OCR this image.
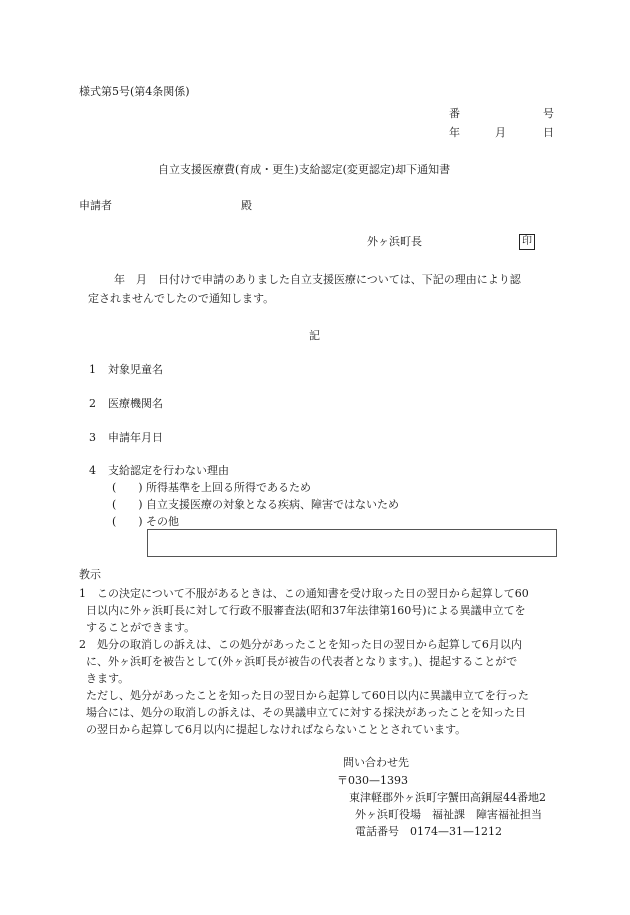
様式第5号(第4条関係)
番	号
年	月	日
自立支援医療費(育成・更生)支給認定(変更認定)却下通知書
申請者	殿
外ヶ浜町長	印
年　月　日付けで申請のありました自立支援医療については、下記の理由により認
定されませんでしたので通知します。
記
1 対象児童名
2 医療機関名
3 申請年月日
4 支給認定を行わない理由
(　　) 所得基準を上回る所得であるため
(　　) 自立支援医療の対象となる疾病、障害ではないため
(　　) その他
教示
1 この決定について不服があるときは、この通知書を受け取った日の翌日から起算して60
日以内に外ヶ浜町長に対して行政不服審査法(昭和37年法律第160号)による異議申立てを
することができます。
2 処分の取消しの訴えは、この処分があったことを知った日の翌日から起算して6月以内
に、外ヶ浜町を被告として(外ヶ浜町長が被告の代表者となります。)、提起することがで
きます。
ただし、処分があったことを知った日の翌日から起算して60日以内に異議申立てを行った
場合には、処分の取消しの訴えは、その異議申立てに対する採決があったことを知った日
の翌日から起算して6月以内に提起しなければならないこととされています。
問い合わせ先
〒030—1393
東津軽郡外ヶ浜町字蟹田高銅屋44番地2
外ヶ浜町役場　福祉課　障害福祉担当
電話番号　0174—31—1212
